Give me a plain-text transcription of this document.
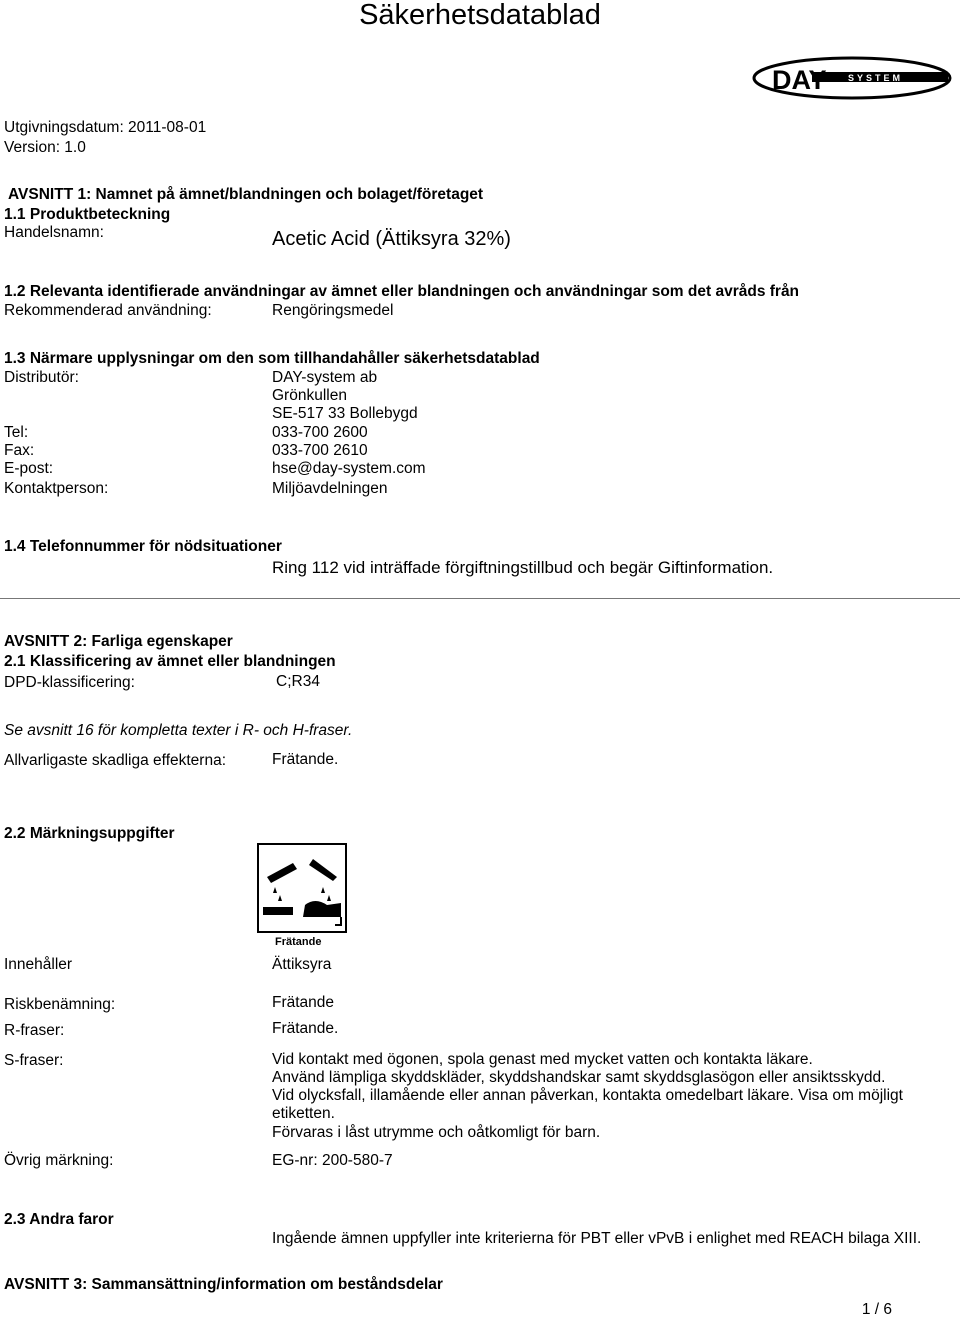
Säkerhetsdatablad
DAY SYSTEM
Utgivningsdatum: 2011-08-01
Version: 1.0
AVSNITT 1: Namnet på ämnet/blandningen och bolaget/företaget
1.1 Produktbeteckning
Handelsnamn:	Acetic Acid (Ättiksyra 32%)
1.2 Relevanta identifierade användningar av ämnet eller blandningen och användningar som det avråds från
Rekommenderad användning:	Rengöringsmedel
1.3 Närmare upplysningar om den som tillhandahåller säkerhetsdatablad
Distributör:	DAY-system ab
Grönkullen
SE-517 33 Bollebygd
Tel:	033-700 2600
Fax:	033-700 2610
E-post:	hse@day-system.com
Kontaktperson:	Miljöavdelningen
1.4 Telefonnummer för nödsituationer
Ring 112 vid inträffade förgiftningstillbud och begär Giftinformation.
AVSNITT 2: Farliga egenskaper
2.1 Klassificering av ämnet eller blandningen
DPD-klassificering:	C;R34
Se avsnitt 16 för kompletta texter i R- och H-fraser.
Allvarligaste skadliga effekterna:	Frätande.
2.2 Märkningsuppgifter
Frätande
Innehåller	Ättiksyra
Riskbenämning:	Frätande
R-fraser:	Frätande.
S-fraser:	Vid kontakt med ögonen, spola genast med mycket vatten och kontakta läkare.
Använd lämpliga skyddskläder, skyddshandskar samt skyddsglasögon eller ansiktsskydd.
Vid olycksfall, illamående eller annan påverkan, kontakta omedelbart läkare. Visa om möjligt
etiketten.
Förvaras i låst utrymme och oåtkomligt för barn.
Övrig märkning:	EG-nr: 200-580-7
2.3 Andra faror
Ingående ämnen uppfyller inte kriterierna för PBT eller vPvB i enlighet med REACH bilaga XIII.
AVSNITT 3: Sammansättning/information om beståndsdelar
1 / 6
